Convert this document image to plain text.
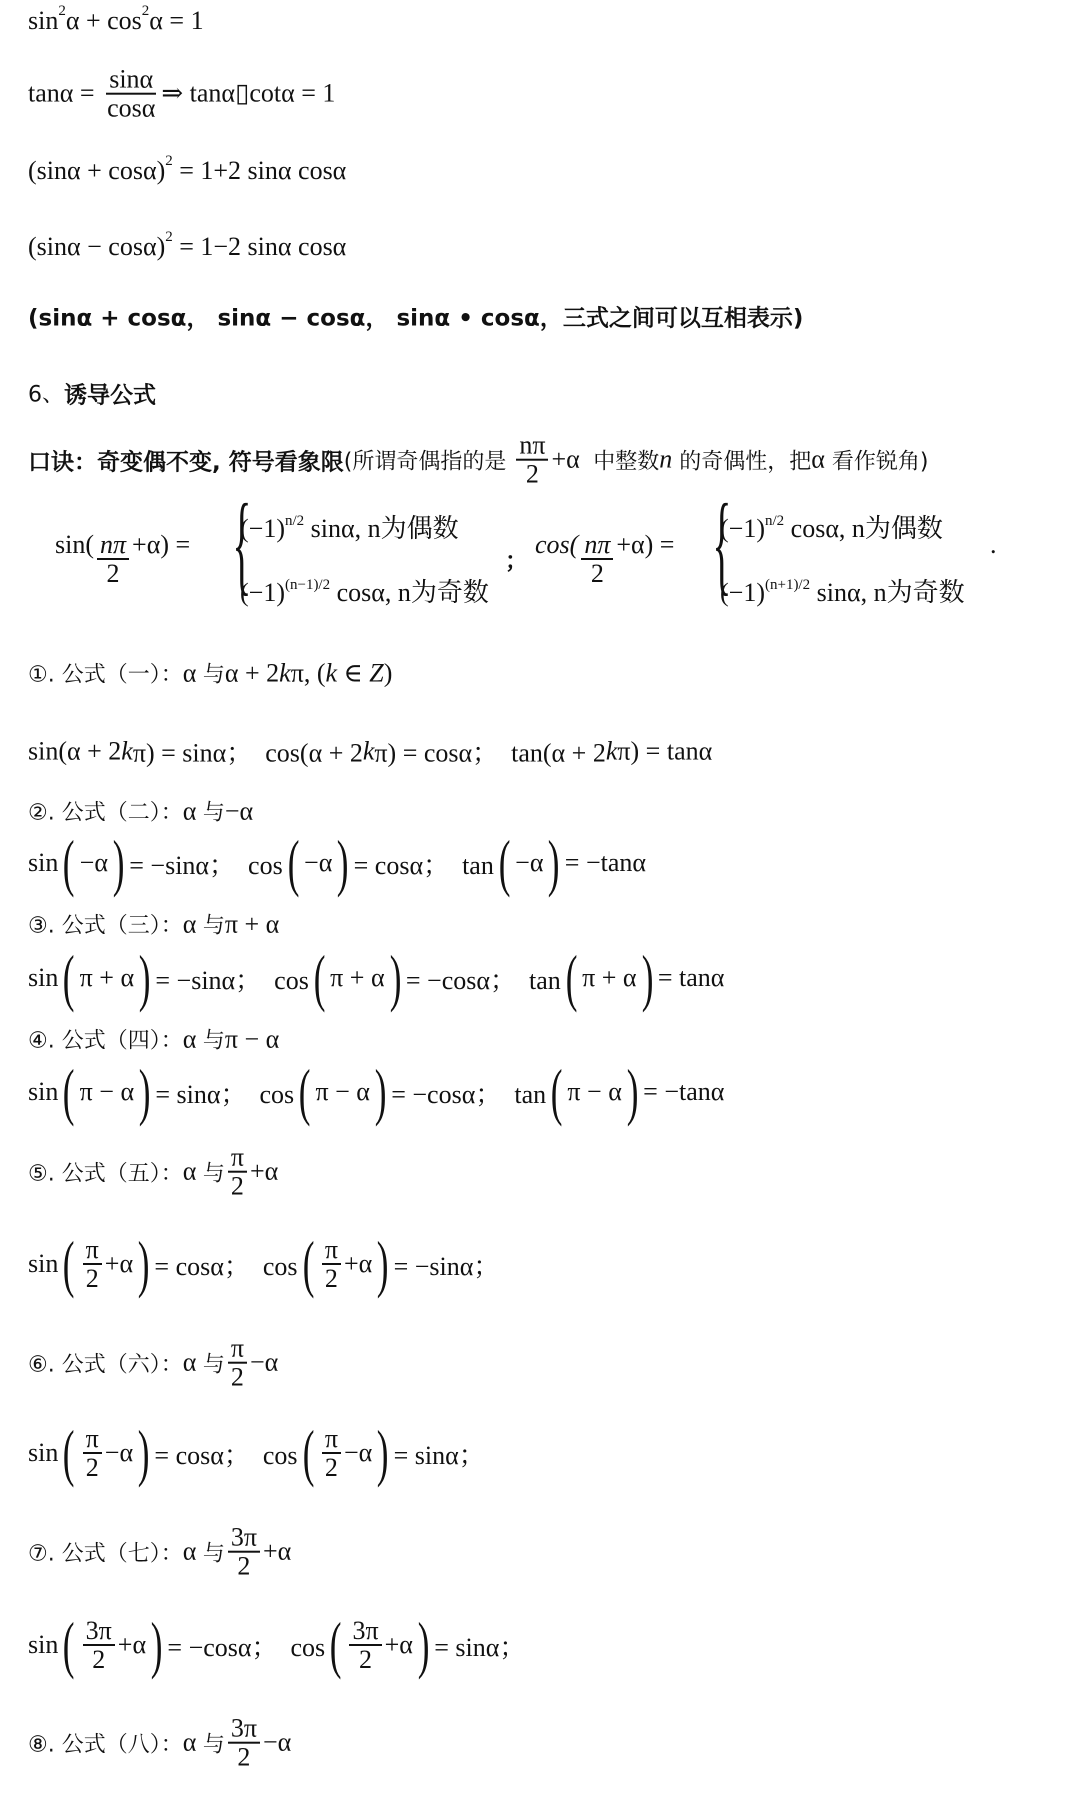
sin 2 α + cos 2 α = 1
$\tan\alpha = \frac{\sin\alpha}{\cos\alpha}$ ⇒ tanα▯cotα = 1
(sinα + cosα) 2 = 1+2 sinα cosα
(sinα − cosα) 2 = 1−2 sinα cosα
(sinα + cosα， sinα − cosα， sinα • cosα，三式之间可以互相表示)
6、 诱导公式
口诀：奇变偶不变, 符号看象限 (所谓奇偶指的是 $\frac{n\pi}{2} +\alpha$ 中整数 n 的奇偶性，把 α 看作锐角)
①. 公式（一）： α 与 α + 2 k π, ( k ∈ Z )
sin(α + 2 k π) = sinα；  cos(α + 2 k π) = cosα；  tan(α + 2 k π) = tanα
②. 公式（二）： α 与 −α
sin ( −α ) = −sinα；  cos ( −α ) = cosα；  tan ( −α ) = −tanα
③. 公式（三）： α 与 π + α
sin ( π + α ) = −sinα；  cos ( π + α ) = −cosα；  tan ( π + α ) = tanα
④. 公式（四）： α 与 π − α
sin ( π − α ) = sinα；  cos ( π − α ) = −cosα；  tan ( π − α ) = −tanα
⑤. 公式（五）： α 与 $\frac{\pi}{2} +\alpha$
sin ( $\frac{\pi}{2} +\alpha$ ) = cosα；  cos ( $\frac{\pi}{2} +\alpha$ ) = −sinα；
⑥. 公式（六）： α 与 $\frac{\pi}{2} -\alpha$
sin ( $\frac{\pi}{2} -\alpha$ ) = cosα；  cos ( $\frac{\pi}{2} -\alpha$ ) = sinα；
⑦. 公式（七）： α 与 $\frac{3\pi}{2} +\alpha$
sin ( $\frac{3\pi}{2} +\alpha$ ) = −cosα；  cos ( $\frac{3\pi}{2} +\alpha$ ) = sinα；
⑧. 公式（八）： α 与 $\frac{3\pi}{2} -\alpha$
$\sin( \frac{n\pi}{2} +\alpha)$ = {
$(-1)^{n/2}$ sinα, n为偶数
$(-1)^{(n-1)/2}$ cosα, n为奇数
；
$\cos( \frac{n\pi}{2} +\alpha)$ = {
$(-1)^{n/2}$ cosα, n为偶数
$(-1)^{(n+1)/2}$ sinα, n为奇数
.
